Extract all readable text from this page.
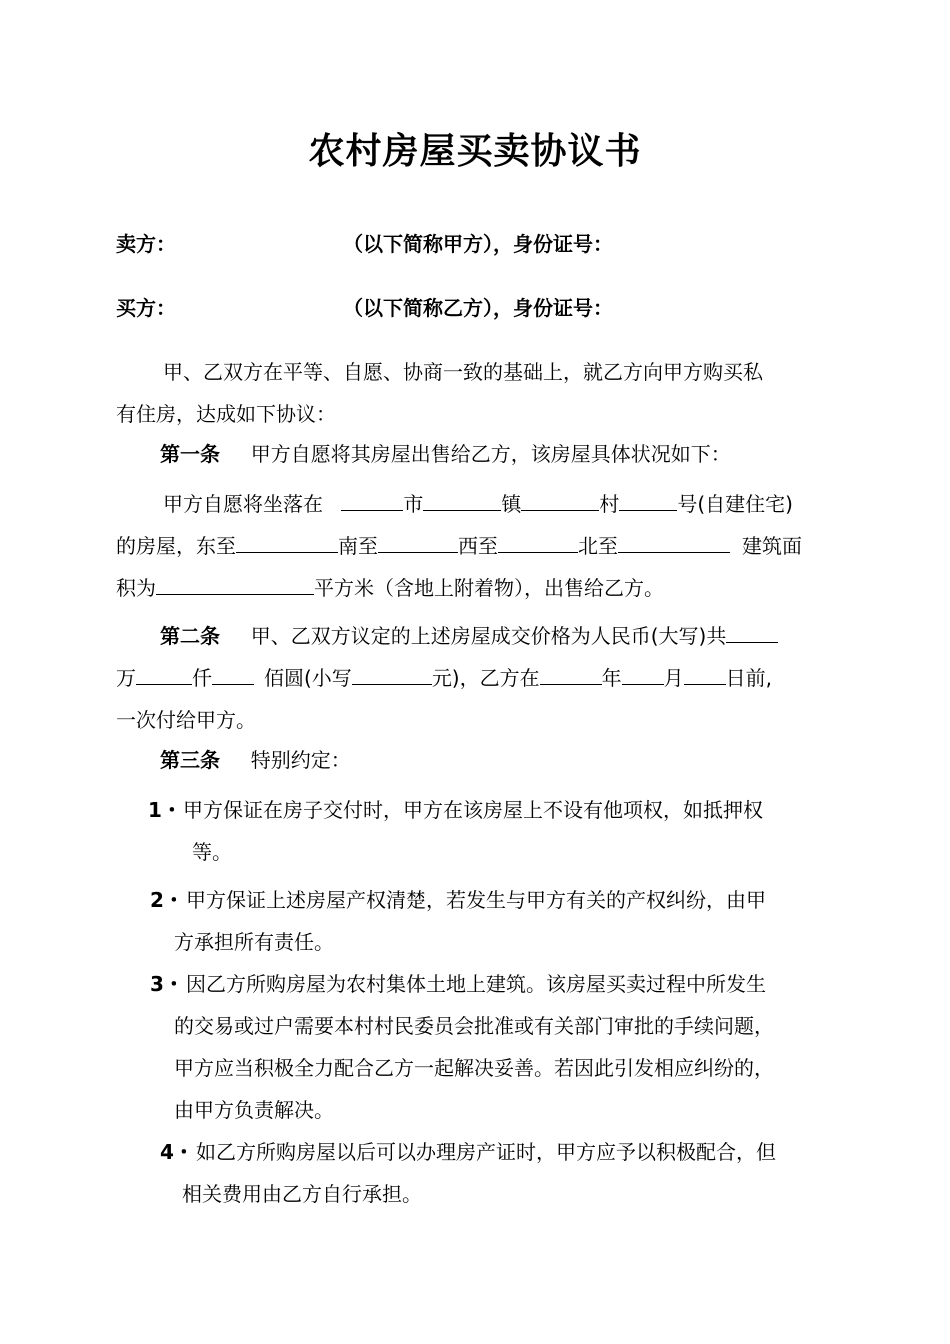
农村房屋买卖协议书
卖方：	（以下简称甲方），身份证号：
买方：	（以下简称乙方），身份证号：
甲、乙双方在平等、自愿、协商一致的基础上，就乙方向甲方购买私
有住房，达成如下协议：
第一条 甲方自愿将其房屋出售给乙方，该房屋具体状况如下：
甲方自愿将坐落在	市	镇	村	号(自建住宅)
的房屋，东至	南至	西至	北至	建筑面
积为	平方米（含地上附着物），出售给乙方。
第二条 甲、乙双方议定的上述房屋成交价格为人民币(大写)共
万	仟	佰圆(小写	元)，乙方在	年 月 日前,
一次付给甲方。
第三条 特别约定：
1・ 甲方保证在房子交付时，甲方在该房屋上不设有他项权，如抵押权
等。
2・ 甲方保证上述房屋产权清楚，若发生与甲方有关的产权纠纷，由甲
方承担所有责任。
3・ 因乙方所购房屋为农村集体土地上建筑。该房屋买卖过程中所发生
的交易或过户需要本村村民委员会批准或有关部门审批的手续问题，
甲方应当积极全力配合乙方一起解决妥善。若因此引发相应纠纷的，
由甲方负责解决。
4・ 如乙方所购房屋以后可以办理房产证时，甲方应予以积极配合，但
相关费用由乙方自行承担。
